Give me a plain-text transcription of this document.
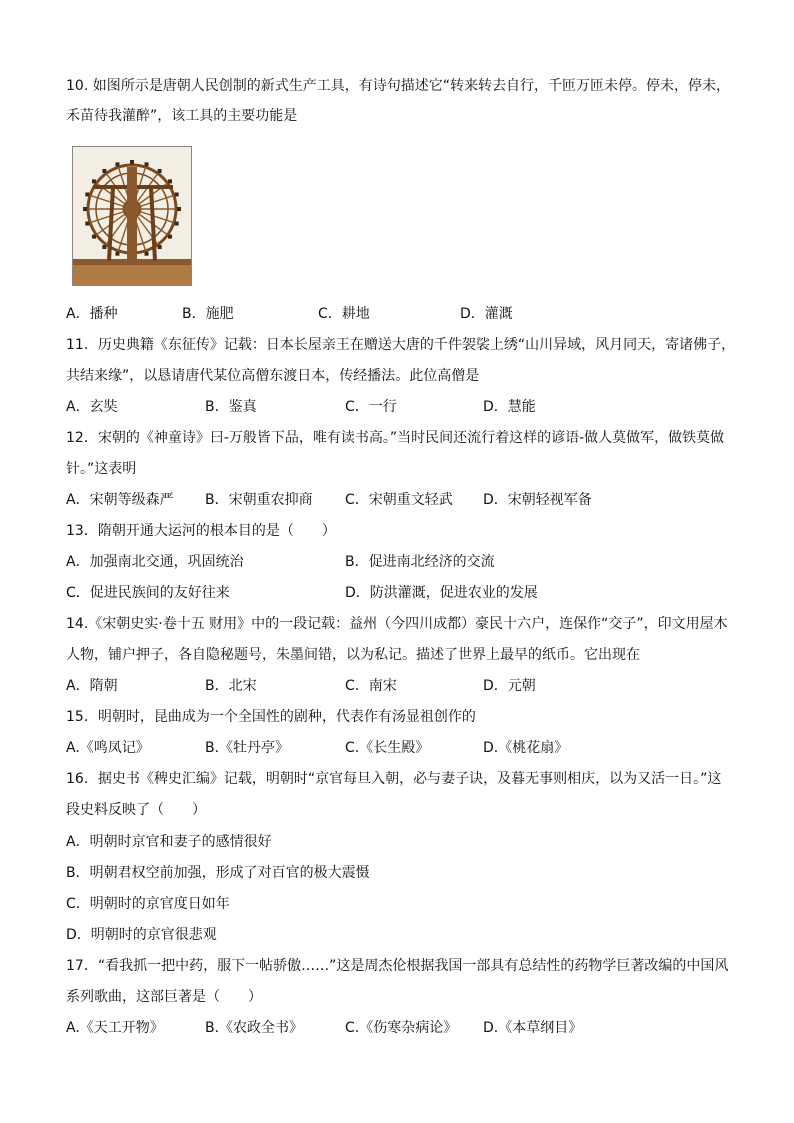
10. 如图所示是唐朝人民创制的新式生产工具，有诗句描述它“转来转去自行，千匝万匝未停。停未，停未，
禾苗待我灌醉”，该工具的主要功能是
A．播种	B．施肥	C．耕地	D．灌溉
11．历史典籍《东征传》记载：日本长屋亲王在赠送大唐的千件袈裟上绣“山川异域，风月同天，寄诸佛子，
共结来缘”，以恳请唐代某位高僧东渡日本，传经播法。此位高僧是
A．玄奘	B．鉴真	C．一行	D．慧能
12．宋朝的《神童诗》曰-万般皆下品，唯有读书高。”当时民间还流行着这样的谚语-做人莫做军，做铁莫做
针。”这表明
A．宋朝等级森严 B．宋朝重农抑商 C．宋朝重文轻武 D．宋朝轻视军备
13．隋朝开通大运河的根本目的是（　　）
A．加强南北交通，巩固统治	B．促进南北经济的交流
C．促进民族间的友好往来	D．防洪灌溉，促进农业的发展
14.《宋朝史实·卷十五 财用》中的一段记载：益州（今四川成都）豪民十六户，连保作“交子”，印文用屋木
人物，铺户押子，各自隐秘题号，朱墨间错，以为私记。描述了世界上最早的纸币。它出现在
A．隋朝	B．北宋	C．南宋	D．元朝
15．明朝时，昆曲成为一个全国性的剧种，代表作有汤显祖创作的
A.《鸣凤记》	B.《牡丹亭》	C.《长生殿》	D.《桃花扇》
16．据史书《稗史汇编》记载，明朝时“京官每旦入朝，必与妻子诀，及暮无事则相庆，以为又活一日。”这
段史料反映了（　　）
A．明朝时京官和妻子的感情很好
B．明朝君权空前加强，形成了对百官的极大震慑
C．明朝时的京官度日如年
D．明朝时的京官很悲观
17．“看我抓一把中药，服下一帖骄傲……”这是周杰伦根据我国一部具有总结性的药物学巨著改编的中国风
系列歌曲，这部巨著是（　　）
A.《天工开物》	B.《农政全书》	C.《伤寒杂病论》 D.《本草纲目》
